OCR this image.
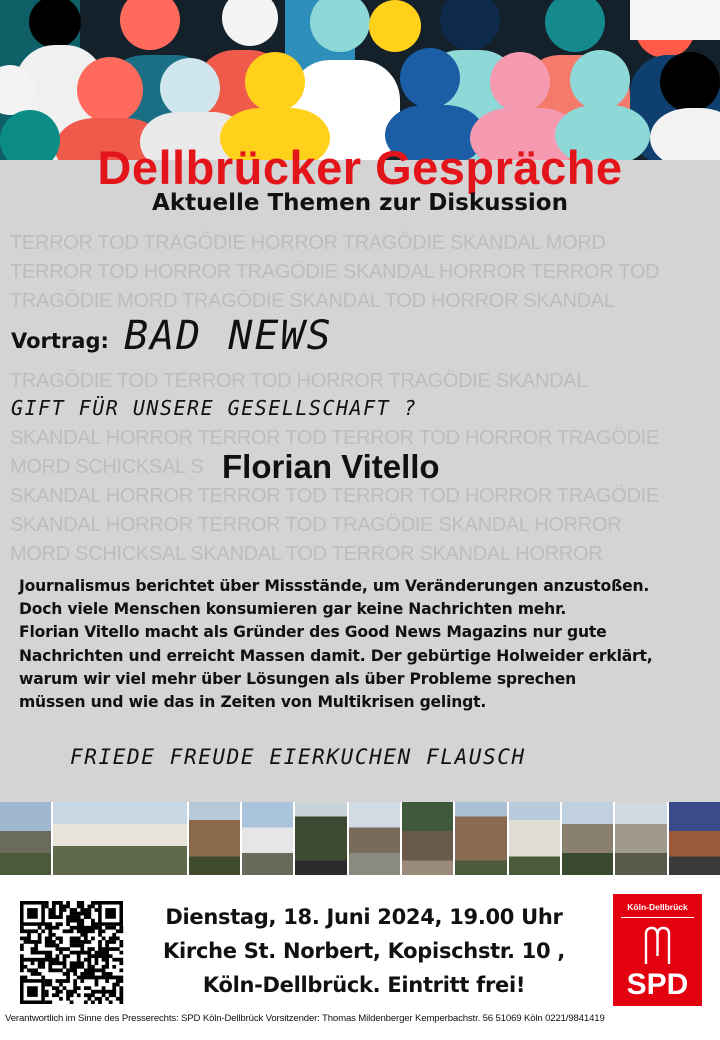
Dellbrücker Gespräche
Aktuelle Themen zur Diskussion
TERROR TOD TRAGÖDIE HORROR TRAGÖDIE SKANDAL MORD
TERROR TOD HORROR TRAGÖDIE SKANDAL HORROR TERROR TOD
TRAGÖDIE MORD TRAGÖDIE SKANDAL TOD HORROR SKANDAL
TRAGÖDIE TOD TERROR TOD HORROR TRAGÖDIE SKANDAL
SKANDAL HORROR TERROR TOD TERROR TOD HORROR TRAGÖDIE
MORD SCHICKSAL S
SKANDAL HORROR TERROR TOD TERROR TOD HORROR TRAGÖDIE
SKANDAL HORROR TERROR TOD TRAGÖDIE SKANDAL HORROR
MORD SCHICKSAL SKANDAL TOD TERROR SKANDAL HORROR
Vortrag: BAD NEWS
GIFT FÜR UNSERE GESELLSCHAFT ?
Florian Vitello
Journalismus berichtet über Missstände, um Veränderungen anzustoßen.
Doch viele Menschen konsumieren gar keine Nachrichten mehr.
Florian Vitello macht als Gründer des Good News Magazins nur gute
Nachrichten und erreicht Massen damit. Der gebürtige Holweider erklärt,
warum wir viel mehr über Lösungen als über Probleme sprechen
müssen und wie das in Zeiten von Multikrisen gelingt.
FRIEDE FREUDE EIERKUCHEN FLAUSCH
Dienstag, 18. Juni 2024, 19.00 Uhr
Kirche St. Norbert, Kopischstr. 10 ,
Köln-Dellbrück. Eintritt frei!
Köln-Dellbrück
SPD
Verantwortlich im Sinne des Presserechts: SPD Köln-Dellbrück Vorsitzender: Thomas Mildenberger Kemperbachstr. 56 51069 Köln 0221/9841419
